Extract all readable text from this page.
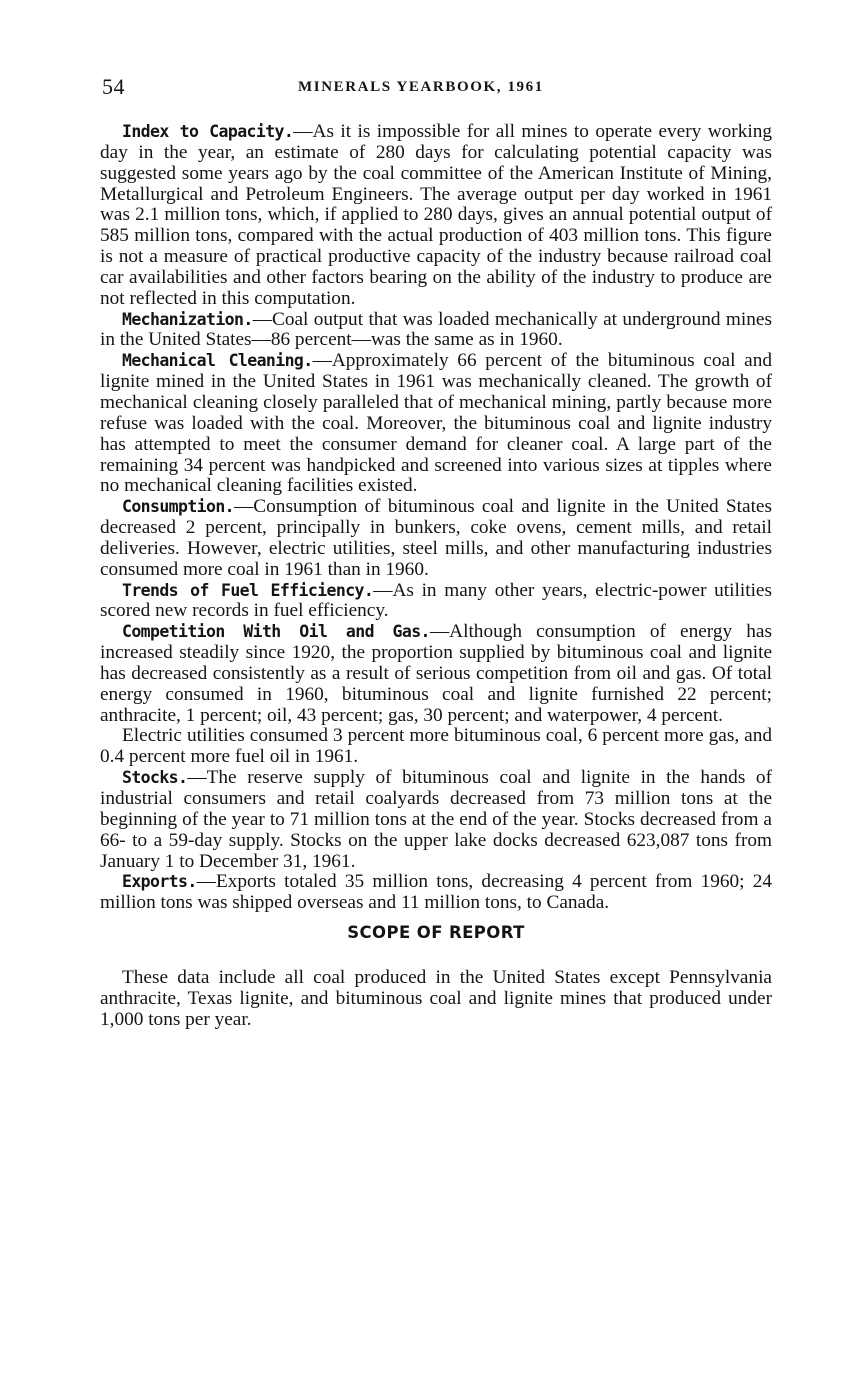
54	MINERALS YEARBOOK, 1961

Index to Capacity.—As it is impossible for all mines to operate every working day in the year, an estimate of 280 days for calculating potential capacity was suggested some years ago by the coal committee of the American Institute of Mining, Metallurgical and Petroleum Engineers. The average output per day worked in 1961 was 2.1 million tons, which, if applied to 280 days, gives an annual potential output of 585 million tons, compared with the actual production of 403 million tons. This figure is not a measure of practical productive capacity of the industry because railroad coal car availabilities and other factors bearing on the ability of the industry to produce are not reflected in this computation.

Mechanization.—Coal output that was loaded mechanically at underground mines in the United States—86 percent—was the same as in 1960.

Mechanical Cleaning.—Approximately 66 percent of the bituminous coal and lignite mined in the United States in 1961 was mechanically cleaned. The growth of mechanical cleaning closely paralleled that of mechanical mining, partly because more refuse was loaded with the coal. Moreover, the bituminous coal and lignite industry has attempted to meet the consumer demand for cleaner coal. A large part of the remaining 34 percent was handpicked and screened into various sizes at tipples where no mechanical cleaning facilities existed.

Consumption.—Consumption of bituminous coal and lignite in the United States decreased 2 percent, principally in bunkers, coke ovens, cement mills, and retail deliveries. However, electric utilities, steel mills, and other manufacturing industries consumed more coal in 1961 than in 1960.

Trends of Fuel Efficiency.—As in many other years, electric-power utilities scored new records in fuel efficiency.

Competition With Oil and Gas.—Although consumption of energy has increased steadily since 1920, the proportion supplied by bituminous coal and lignite has decreased consistently as a result of serious competition from oil and gas. Of total energy consumed in 1960, bituminous coal and lignite furnished 22 percent; anthracite, 1 percent; oil, 43 percent; gas, 30 percent; and waterpower, 4 percent.

Electric utilities consumed 3 percent more bituminous coal, 6 percent more gas, and 0.4 percent more fuel oil in 1961.

Stocks.—The reserve supply of bituminous coal and lignite in the hands of industrial consumers and retail coalyards decreased from 73 million tons at the beginning of the year to 71 million tons at the end of the year. Stocks decreased from a 66- to a 59-day supply. Stocks on the upper lake docks decreased 623,087 tons from January 1 to December 31, 1961.

Exports.—Exports totaled 35 million tons, decreasing 4 percent from 1960; 24 million tons was shipped overseas and 11 million tons, to Canada.

SCOPE OF REPORT

These data include all coal produced in the United States except Pennsylvania anthracite, Texas lignite, and bituminous coal and lignite mines that produced under 1,000 tons per year.
